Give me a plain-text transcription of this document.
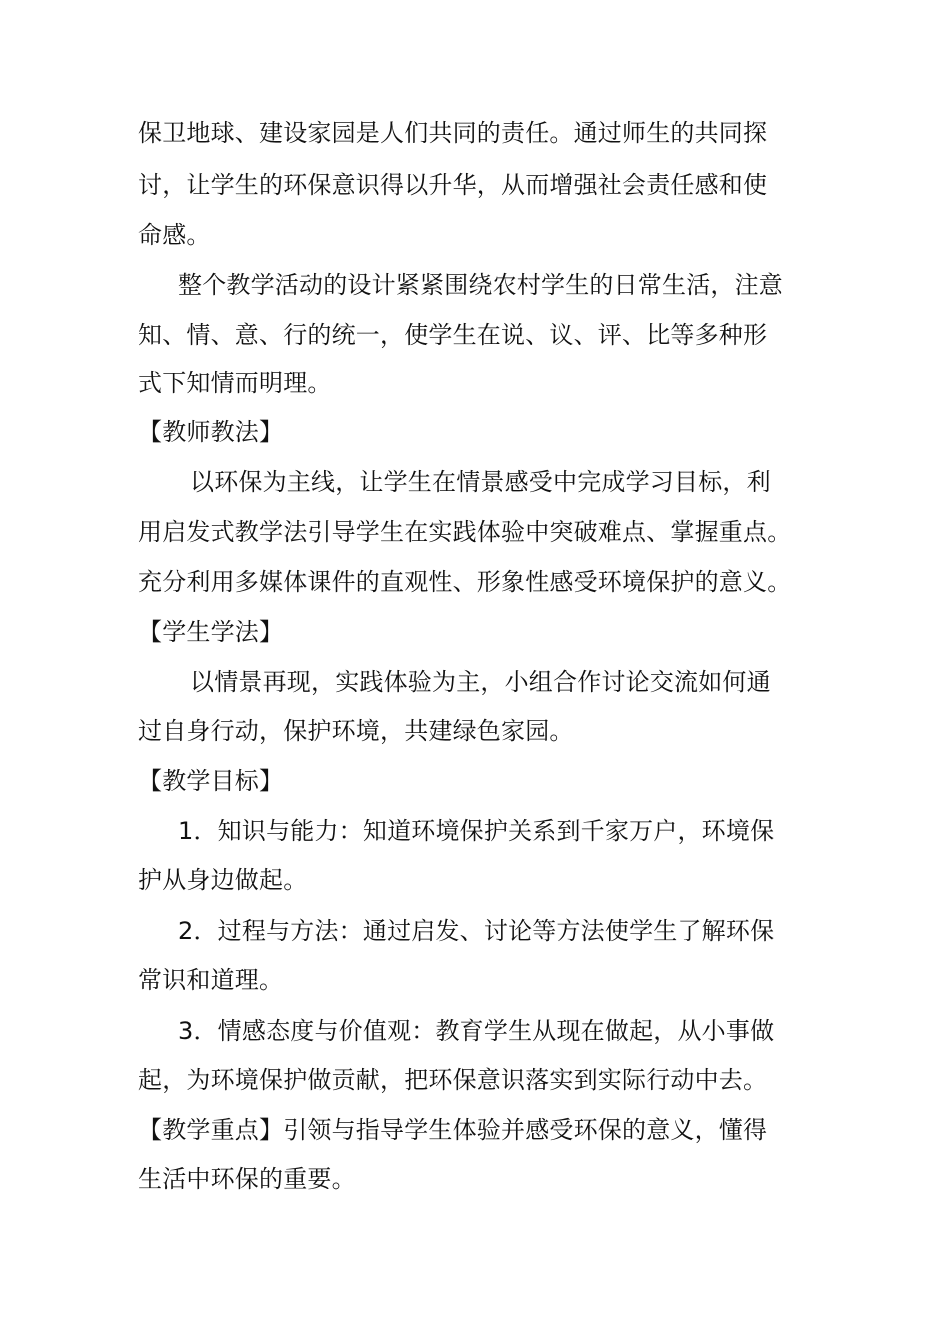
保卫地球、建设家园是人们共同的责任。通过师生的共同探
讨，让学生的环保意识得以升华，从而增强社会责任感和使
命感。
整个教学活动的设计紧紧围绕农村学生的日常生活，注意
知、情、意、行的统一，使学生在说、议、评、比等多种形
式下知情而明理。
【教师教法】
以环保为主线，让学生在情景感受中完成学习目标，利
用启发式教学法引导学生在实践体验中突破难点、掌握重点。
充分利用多媒体课件的直观性、形象性感受环境保护的意义。
【学生学法】
以情景再现，实践体验为主，小组合作讨论交流如何通
过自身行动，保护环境，共建绿色家园。
【教学目标】
1．知识与能力：知道环境保护关系到千家万户，环境保
护从身边做起。
2．过程与方法：通过启发、讨论等方法使学生了解环保
常识和道理。
3．情感态度与价值观：教育学生从现在做起，从小事做
起，为环境保护做贡献，把环保意识落实到实际行动中去。
【教学重点】引领与指导学生体验并感受环保的意义，懂得
生活中环保的重要。
